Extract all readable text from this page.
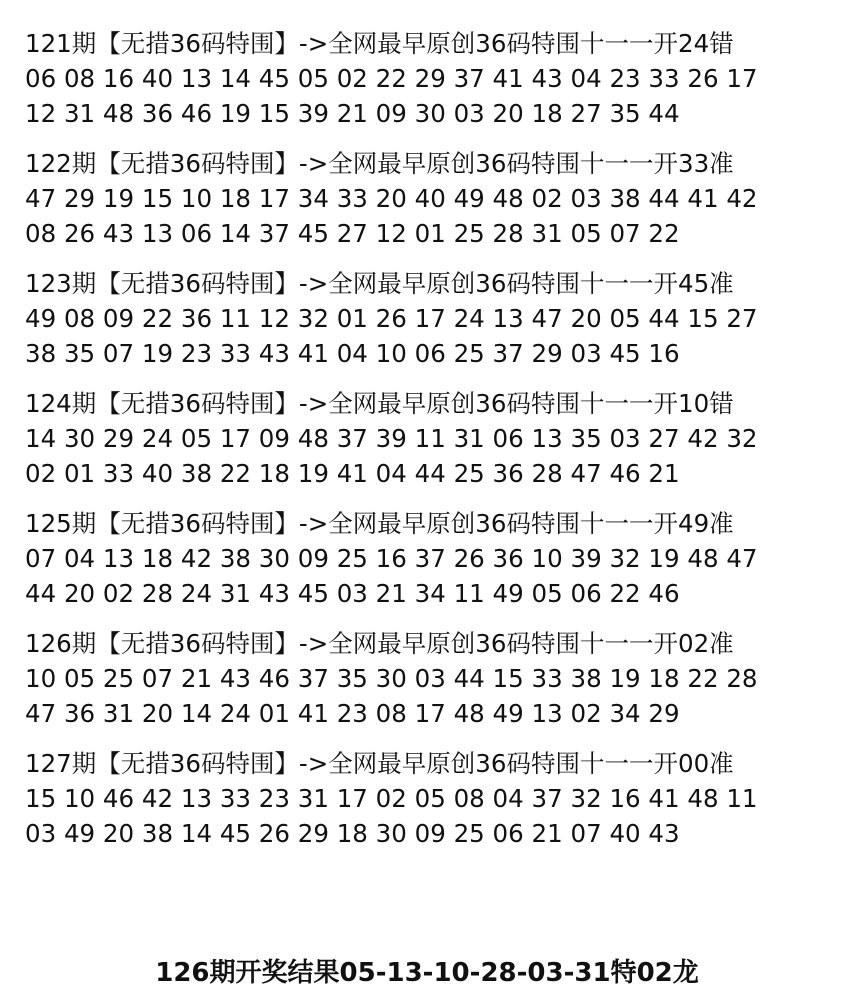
121期【无措36码特围】->全网最早原创36码特围十一一开24错
06 08 16 40 13 14 45 05 02 22 29 37 41 43 04 23 33 26 17
12 31 48 36 46 19 15 39 21 09 30 03 20 18 27 35 44
122期【无措36码特围】->全网最早原创36码特围十一一开33准
47 29 19 15 10 18 17 34 33 20 40 49 48 02 03 38 44 41 42
08 26 43 13 06 14 37 45 27 12 01 25 28 31 05 07 22
123期【无措36码特围】->全网最早原创36码特围十一一开45准
49 08 09 22 36 11 12 32 01 26 17 24 13 47 20 05 44 15 27
38 35 07 19 23 33 43 41 04 10 06 25 37 29 03 45 16
124期【无措36码特围】->全网最早原创36码特围十一一开10错
14 30 29 24 05 17 09 48 37 39 11 31 06 13 35 03 27 42 32
02 01 33 40 38 22 18 19 41 04 44 25 36 28 47 46 21
125期【无措36码特围】->全网最早原创36码特围十一一开49准
07 04 13 18 42 38 30 09 25 16 37 26 36 10 39 32 19 48 47
44 20 02 28 24 31 43 45 03 21 34 11 49 05 06 22 46
126期【无措36码特围】->全网最早原创36码特围十一一开02准
10 05 25 07 21 43 46 37 35 30 03 44 15 33 38 19 18 22 28
47 36 31 20 14 24 01 41 23 08 17 48 49 13 02 34 29
127期【无措36码特围】->全网最早原创36码特围十一一开00准
15 10 46 42 13 33 23 31 17 02 05 08 04 37 32 16 41 48 11
03 49 20 38 14 45 26 29 18 30 09 25 06 21 07 40 43
126期开奖结果05-13-10-28-03-31特02龙
